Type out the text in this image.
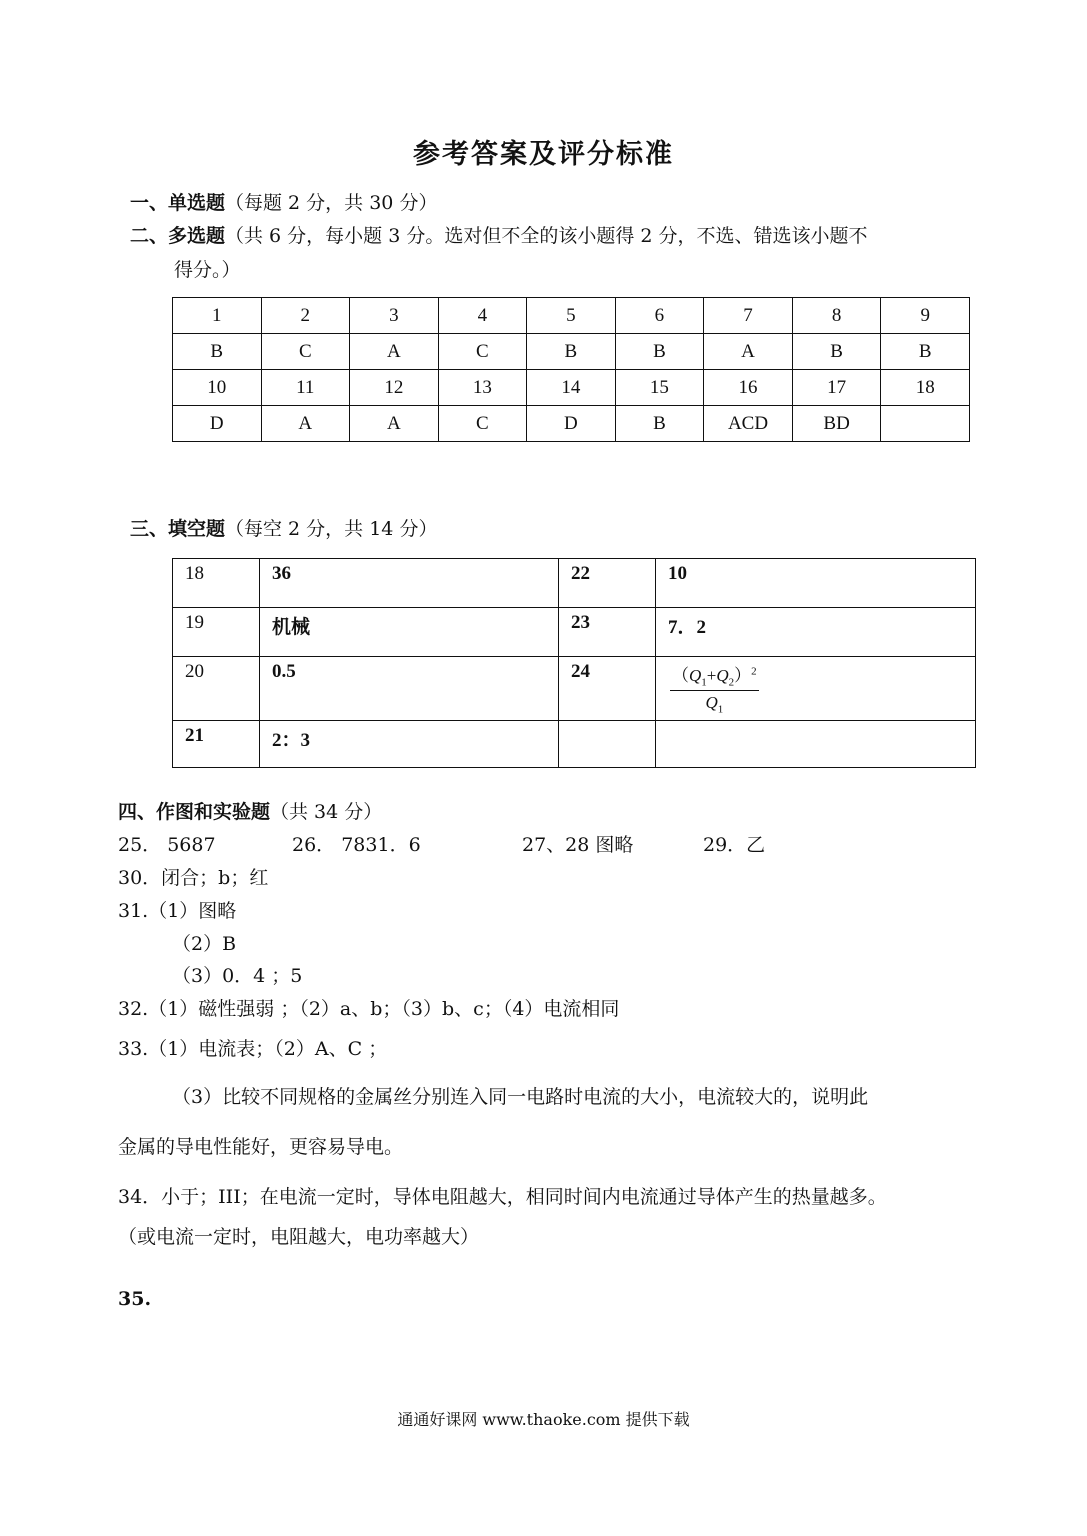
参考答案及评分标准
一、单选题（每题 2 分，共 30 分）
二、多选题（共 6 分，每小题 3 分。选对但不全的该小题得 2 分，不选、错选该小题不
得分。）
1	2	3	4	5	6	7	8	9
B	C	A	C	B	B	A	B	B
10	11	12	13	14	15	16	17	18
D	A	A	C	D	B	ACD	BD	
三、填空题（每空 2 分，共 14 分）
18	36	22	10
19	机械	23	7．2
20	0.5	24	$\frac{(Q_1+Q_2)^2}{Q_1}$

21	2：3		
四、作图和实验题（共 34 分）
25． 5687	26． 7831．6	27、28 图略	29．乙
30．闭合；b；红
31.（1）图略
（2）B
（3）0．4 ；5
32.（1）磁性强弱 ；（2）a、b；（3）b、c；（4）电流相同
33.（1）电流表；（2）A、C ；
（3）比较不同规格的金属丝分别连入同一电路时电流的大小，电流较大的，说明此
金属的导电性能好，更容易导电。
34．小于；III；在电流一定时，导体电阻越大，相同时间内电流通过导体产生的热量越多。
（或电流一定时，电阻越大，电功率越大）
35.
通通好课网 www.thaoke.com 提供下载
